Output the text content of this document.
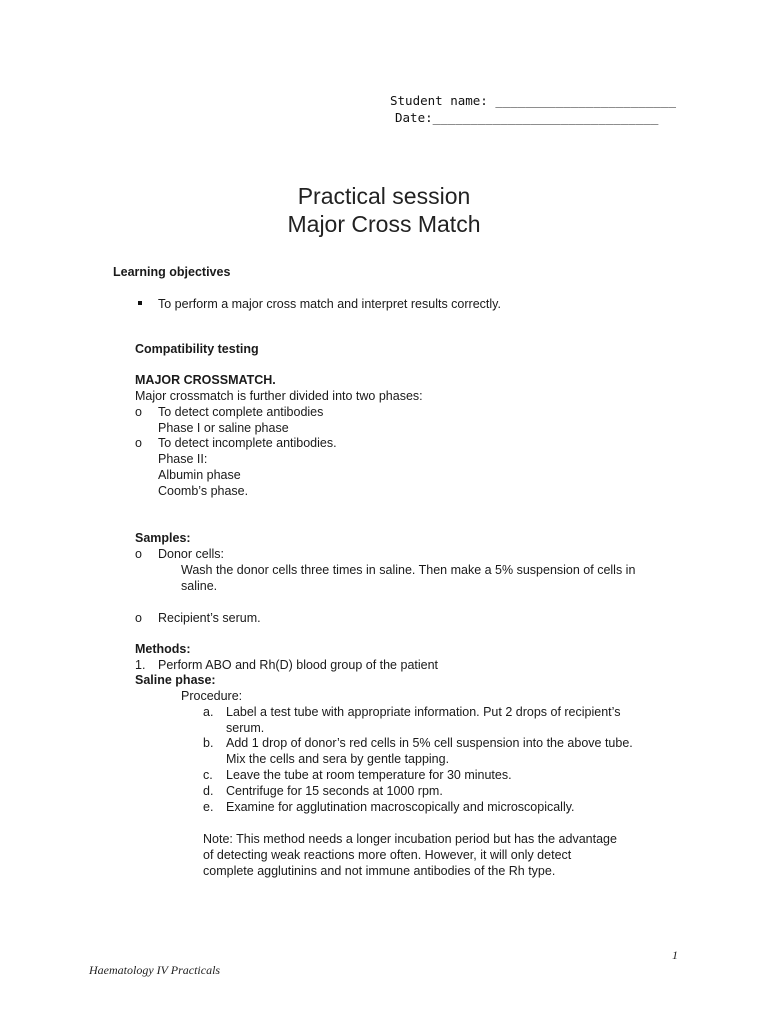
Student name: ________________________
Date:______________________________
Practical session
Major Cross Match
Learning objectives
To perform a major cross match and interpret results correctly.
Compatibility testing
MAJOR CROSSMATCH.
Major crossmatch is further divided into two phases:
o To detect complete antibodies
Phase I or saline phase
o To detect incomplete antibodies.
Phase II:
Albumin phase
Coomb’s phase.
Samples:
o Donor cells:
Wash the donor cells three times in saline. Then make a 5% suspension of cells in
saline.
o Recipient’s serum.
Methods:
1. Perform ABO and Rh(D) blood group of the patient
Saline phase:
Procedure:
a. Label a test tube with appropriate information. Put 2 drops of recipient’s
serum.
b. Add 1 drop of donor’s red cells in 5% cell suspension into the above tube.
Mix the cells and sera by gentle tapping.
c. Leave the tube at room temperature for 30 minutes.
d. Centrifuge for 15 seconds at 1000 rpm.
e. Examine for agglutination macroscopically and microscopically.
Note: This method needs a longer incubation period but has the advantage
of detecting weak reactions more often. However, it will only detect
complete agglutinins and not immune antibodies of the Rh type.
1
Haematology IV Practicals
